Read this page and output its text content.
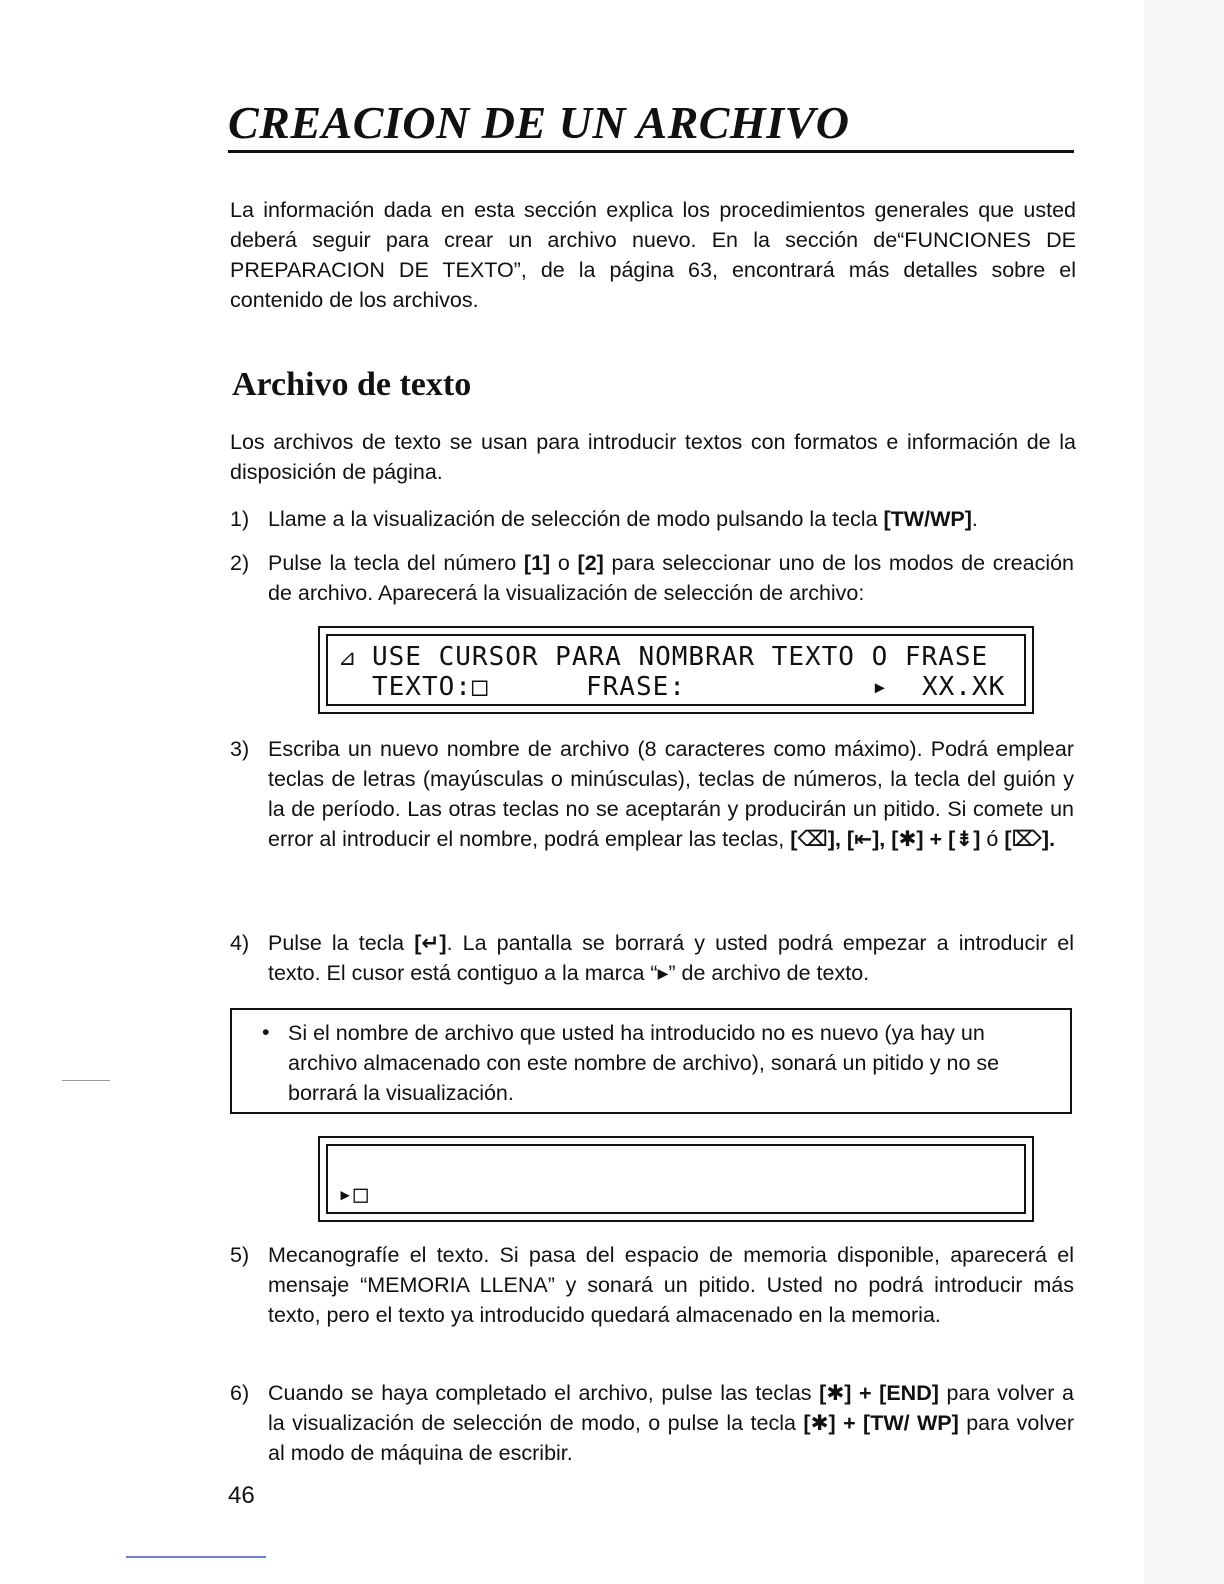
CREACION DE UN ARCHIVO

La información dada en esta sección explica los procedimientos generales que usted deberá seguir para crear un archivo nuevo. En la sección de“FUNCIONES DE PREPARACION DE TEXTO”, de la página 63, encontrará más detalles sobre el contenido de los archivos.

Archivo de texto

Los archivos de texto se usan para introducir textos con formatos e información de la disposición de página.

1) Llame a la visualización de selección de modo pulsando la tecla [TW/WP].
2) Pulse la tecla del número [1] o [2] para seleccionar uno de los modos de creación de archivo. Aparecerá la visualización de selección de archivo:
⊿ USE CURSOR PARA NOMBRAR TEXTO O FRASE
TEXTO:□	FRASE:	▸  XX.XK
3) Escriba un nuevo nombre de archivo (8 caracteres como máximo). Podrá emplear teclas de letras (mayúsculas o minúsculas), teclas de números, la tecla del guión y la de período. Las otras teclas no se aceptarán y producirán un pitido. Si comete un error al introducir el nombre, podrá emplear las teclas, [⌫], [⇤], [✱] + [⇟] ó [⌦].
4) Pulse la tecla [↵]. La pantalla se borrará y usted podrá empezar a introducir el texto. El cusor está contiguo a la marca “▸” de archivo de texto.
• Si el nombre de archivo que usted ha introducido no es nuevo (ya hay un archivo almacenado con este nombre de archivo), sonará un pitido y no se borrará la visualización.
▸□
5) Mecanografíe el texto. Si pasa del espacio de memoria disponible, aparecerá el mensaje “MEMORIA LLENA” y sonará un pitido. Usted no podrá introducir más texto, pero el texto ya introducido quedará almacenado en la memoria.
6) Cuando se haya completado el archivo, pulse las teclas [✱] + [END] para volver a la visualización de selección de modo, o pulse la tecla [✱] + [TW/ WP] para volver al modo de máquina de escribir.
46
